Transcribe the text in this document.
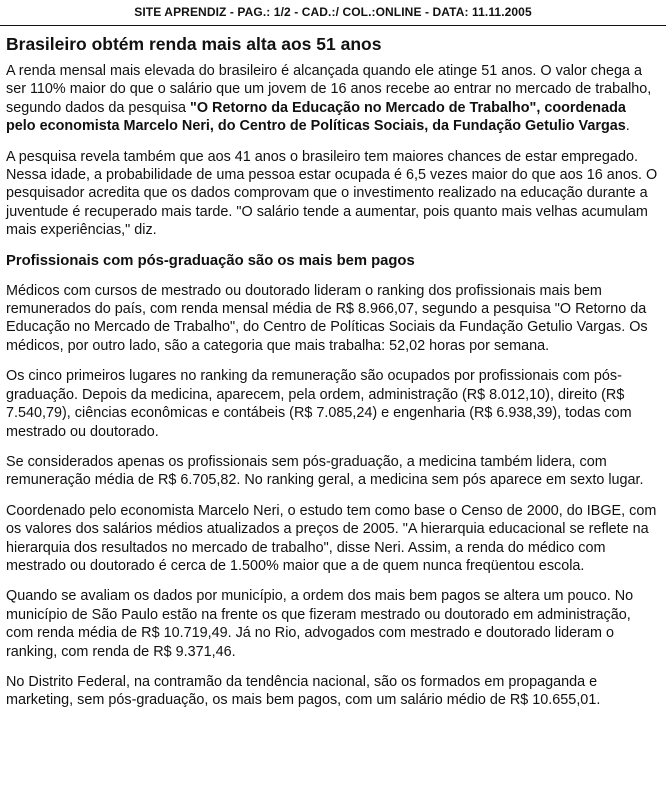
SITE APRENDIZ - PAG.: 1/2 - CAD.:/ COL.:ONLINE - DATA: 11.11.2005
Brasileiro obtém renda mais alta aos 51 anos

A renda mensal mais elevada do brasileiro é alcançada quando ele atinge 51 anos. O valor chega a ser 110% maior do que o salário que um jovem de 16 anos recebe ao entrar no mercado de trabalho, segundo dados da pesquisa "O Retorno da Educação no Mercado de Trabalho", coordenada pelo economista Marcelo Neri, do Centro de Políticas Sociais, da Fundação Getulio Vargas.

A pesquisa revela também que aos 41 anos o brasileiro tem maiores chances de estar empregado. Nessa idade, a probabilidade de uma pessoa estar ocupada é 6,5 vezes maior do que aos 16 anos. O pesquisador acredita que os dados comprovam que o investimento realizado na educação durante a juventude é recuperado mais tarde. "O salário tende a aumentar, pois quanto mais velhas acumulam mais experiências," diz.

Profissionais com pós-graduação são os mais bem pagos

Médicos com cursos de mestrado ou doutorado lideram o ranking dos profissionais mais bem remunerados do país, com renda mensal média de R$ 8.966,07, segundo a pesquisa "O Retorno da Educação no Mercado de Trabalho", do Centro de Políticas Sociais da Fundação Getulio Vargas. Os médicos, por outro lado, são a categoria que mais trabalha: 52,02 horas por semana.

Os cinco primeiros lugares no ranking da remuneração são ocupados por profissionais com pós-graduação. Depois da medicina, aparecem, pela ordem, administração (R$ 8.012,10), direito (R$ 7.540,79), ciências econômicas e contábeis (R$ 7.085,24) e engenharia (R$ 6.938,39), todas com mestrado ou doutorado.

Se considerados apenas os profissionais sem pós-graduação, a medicina também lidera, com remuneração média de R$ 6.705,82. No ranking geral, a medicina sem pós aparece em sexto lugar.

Coordenado pelo economista Marcelo Neri, o estudo tem como base o Censo de 2000, do IBGE, com os valores dos salários médios atualizados a preços de 2005. "A hierarquia educacional se reflete na hierarquia dos resultados no mercado de trabalho", disse Neri. Assim, a renda do médico com mestrado ou doutorado é cerca de 1.500% maior que a de quem nunca freqüentou escola.

Quando se avaliam os dados por município, a ordem dos mais bem pagos se altera um pouco. No município de São Paulo estão na frente os que fizeram mestrado ou doutorado em administração, com renda média de R$ 10.719,49. Já no Rio, advogados com mestrado e doutorado lideram o ranking, com renda de R$ 9.371,46.

No Distrito Federal, na contramão da tendência nacional, são os formados em propaganda e marketing, sem pós-graduação, os mais bem pagos, com um salário médio de R$ 10.655,01.
